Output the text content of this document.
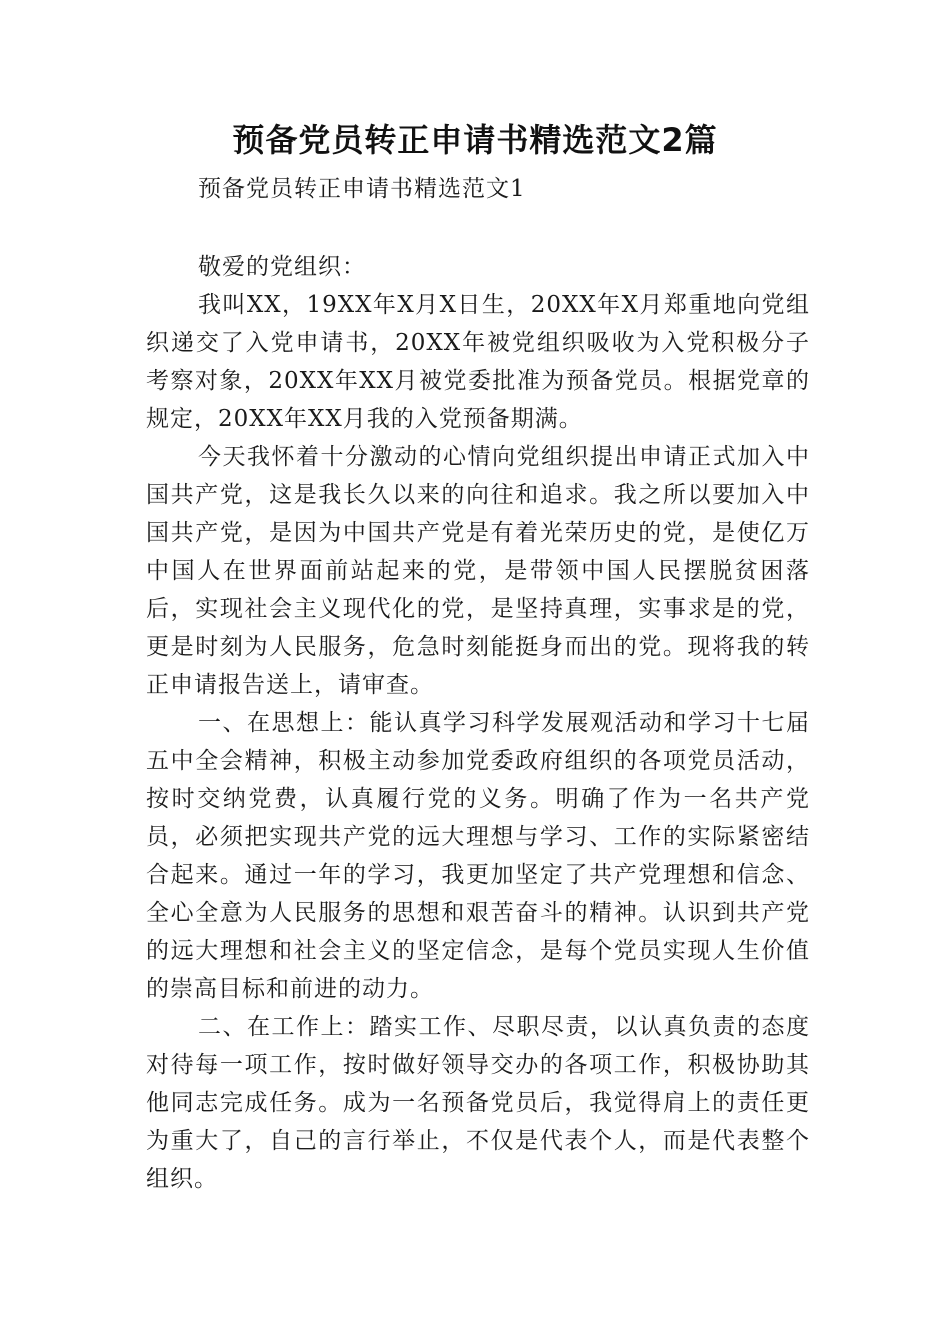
预备党员转正申请书精选范文2篇

预备党员转正申请书精选范文1

敬爱的党组织：

我叫XX，19XX年X月X日生，20XX年X月郑重地向党组织递交了入党申请书，20XX年被党组织吸收为入党积极分子考察对象，20XX年XX月被党委批准为预备党员。根据党章的规定，20XX年XX月我的入党预备期满。

今天我怀着十分激动的心情向党组织提出申请正式加入中国共产党，这是我长久以来的向往和追求。我之所以要加入中国共产党，是因为中国共产党是有着光荣历史的党，是使亿万中国人在世界面前站起来的党，是带领中国人民摆脱贫困落后，实现社会主义现代化的党，是坚持真理，实事求是的党，更是时刻为人民服务，危急时刻能挺身而出的党。现将我的转正申请报告送上，请审查。

一、在思想上：能认真学习科学发展观活动和学习十七届五中全会精神，积极主动参加党委政府组织的各项党员活动，按时交纳党费，认真履行党的义务。明确了作为一名共产党员，必须把实现共产党的远大理想与学习、工作的实际紧密结合起来。通过一年的学习，我更加坚定了共产党理想和信念、全心全意为人民服务的思想和艰苦奋斗的精神。认识到共产党的远大理想和社会主义的坚定信念，是每个党员实现人生价值的崇高目标和前进的动力。

二、在工作上：踏实工作、尽职尽责，以认真负责的态度对待每一项工作，按时做好领导交办的各项工作，积极协助其他同志完成任务。成为一名预备党员后，我觉得肩上的责任更为重大了，自己的言行举止，不仅是代表个人，而是代表整个组织。
